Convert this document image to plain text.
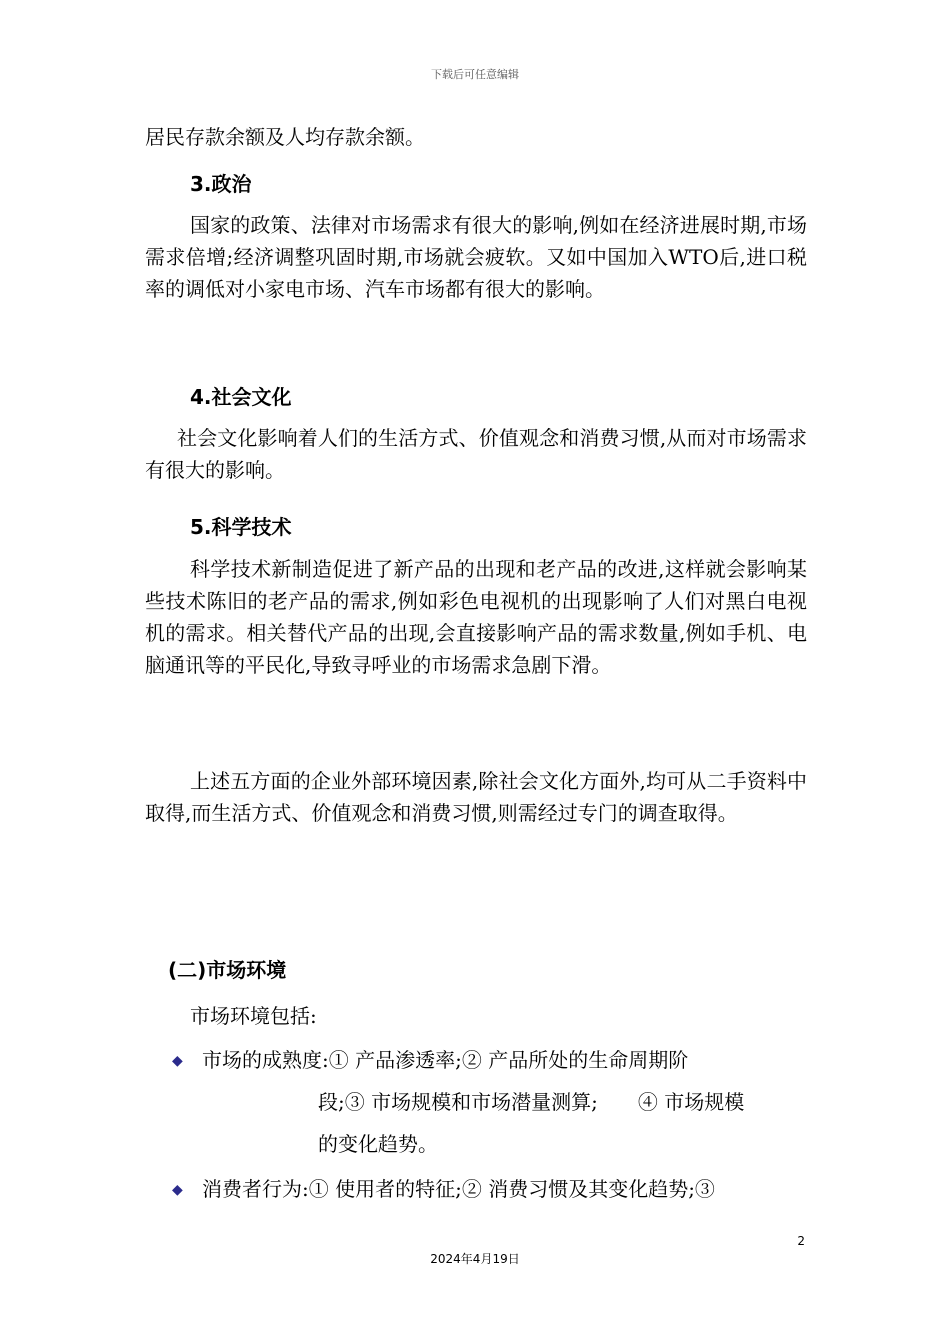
下载后可任意编辑
居民存款余额及人均存款余额。
3.政治
国家的政策、法律对市场需求有很大的影响,例如在经济进展时期,市场需求倍增;经济调整巩固时期,市场就会疲软。又如中国加入WTO后,进口税率的调低对小家电市场、汽车市场都有很大的影响。
4.社会文化
社会文化影响着人们的生活方式、价值观念和消费习惯,从而对市场需求有很大的影响。
5.科学技术
科学技术新制造促进了新产品的出现和老产品的改进,这样就会影响某些技术陈旧的老产品的需求,例如彩色电视机的出现影响了人们对黑白电视机的需求。相关替代产品的出现,会直接影响产品的需求数量,例如手机、电脑通讯等的平民化,导致寻呼业的市场需求急剧下滑。
上述五方面的企业外部环境因素,除社会文化方面外,均可从二手资料中取得,而生活方式、价值观念和消费习惯,则需经过专门的调查取得。
(二)市场环境
市场环境包括:
◆ 市场的成熟度:① 产品渗透率;② 产品所处的生命周期阶
段;③ 市场规模和市场潜量测算;　　④ 市场规模
的变化趋势。
◆ 消费者行为:① 使用者的特征;② 消费习惯及其变化趋势;③
2
2024年4月19日
